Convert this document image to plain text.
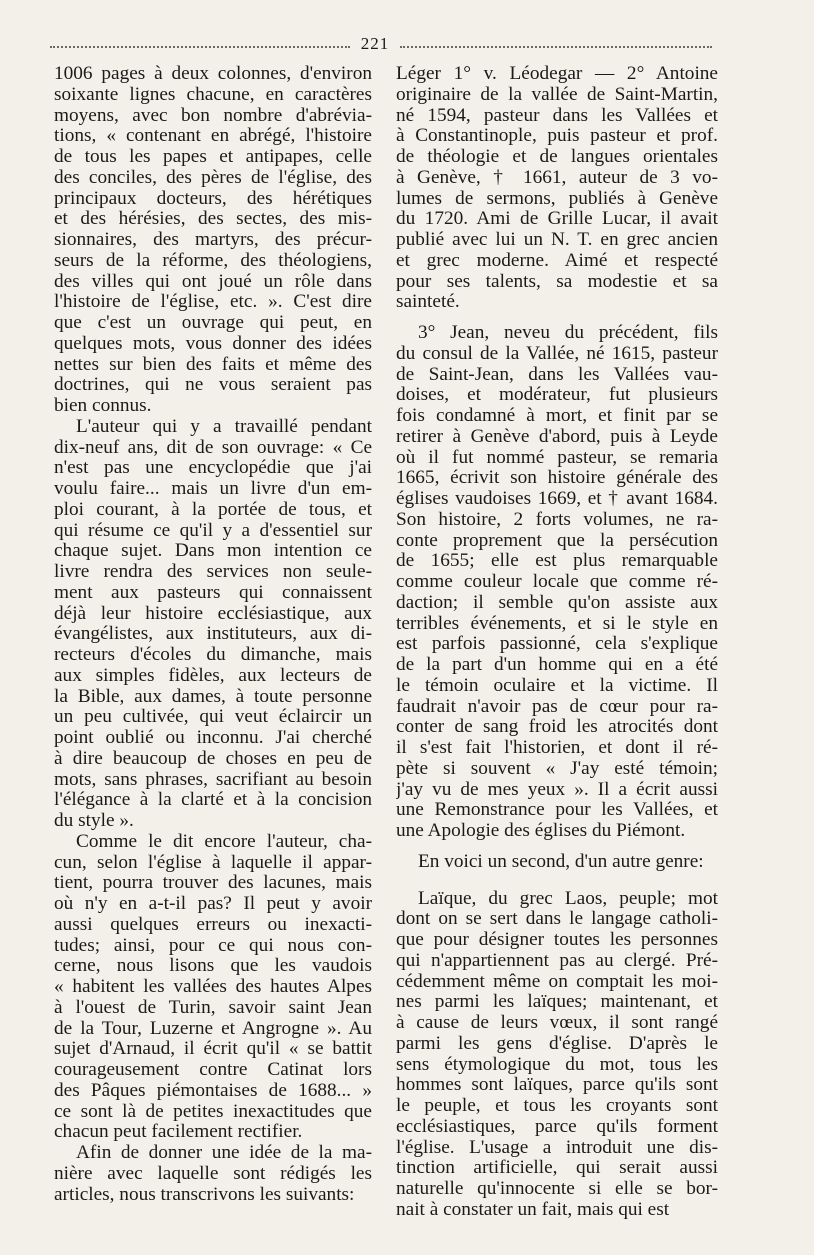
221
1006 pages à deux colonnes, d'environ
soixante lignes chacune, en caractères
moyens, avec bon nombre d'abrévia-
tions, « contenant en abrégé, l'histoire
de tous les papes et antipapes, celle
des conciles, des pères de l'église, des
principaux docteurs, des hérétiques
et des hérésies, des sectes, des mis-
sionnaires, des martyrs, des précur-
seurs de la réforme, des théologiens,
des villes qui ont joué un rôle dans
l'histoire de l'église, etc. ». C'est dire
que c'est un ouvrage qui peut, en
quelques mots, vous donner des idées
nettes sur bien des faits et même des
doctrines, qui ne vous seraient pas
bien connus.
L'auteur qui y a travaillé pendant
dix-neuf ans, dit de son ouvrage: « Ce
n'est pas une encyclopédie que j'ai
voulu faire... mais un livre d'un em-
ploi courant, à la portée de tous, et
qui résume ce qu'il y a d'essentiel sur
chaque sujet. Dans mon intention ce
livre rendra des services non seule-
ment aux pasteurs qui connaissent
déjà leur histoire ecclésiastique, aux
évangélistes, aux instituteurs, aux di-
recteurs d'écoles du dimanche, mais
aux simples fidèles, aux lecteurs de
la Bible, aux dames, à toute personne
un peu cultivée, qui veut éclaircir un
point oublié ou inconnu. J'ai cherché
à dire beaucoup de choses en peu de
mots, sans phrases, sacrifiant au besoin
l'élégance à la clarté et à la concision
du style ».
Comme le dit encore l'auteur, cha-
cun, selon l'église à laquelle il appar-
tient, pourra trouver des lacunes, mais
où n'y en a-t-il pas? Il peut y avoir
aussi quelques erreurs ou inexacti-
tudes; ainsi, pour ce qui nous con-
cerne, nous lisons que les vaudois
« habitent les vallées des hautes Alpes
à l'ouest de Turin, savoir saint Jean
de la Tour, Luzerne et Angrogne ». Au
sujet d'Arnaud, il écrit qu'il « se battit
courageusement contre Catinat lors
des Pâques piémontaises de 1688... »
ce sont là de petites inexactitudes que
chacun peut facilement rectifier.
Afin de donner une idée de la ma-
nière avec laquelle sont rédigés les
articles, nous transcrivons les suivants:
Léger 1° v. Léodegar — 2° Antoine
originaire de la vallée de Saint-Martin,
né 1594, pasteur dans les Vallées et
à Constantinople, puis pasteur et prof.
de théologie et de langues orientales
à Genève, † 1661, auteur de 3 vo-
lumes de sermons, publiés à Genève
du 1720. Ami de Grille Lucar, il avait
publié avec lui un N. T. en grec ancien
et grec moderne. Aimé et respecté
pour ses talents, sa modestie et sa
sainteté.
3° Jean, neveu du précédent, fils
du consul de la Vallée, né 1615, pasteur
de Saint-Jean, dans les Vallées vau-
doises, et modérateur, fut plusieurs
fois condamné à mort, et finit par se
retirer à Genève d'abord, puis à Leyde
où il fut nommé pasteur, se remaria
1665, écrivit son histoire générale des
églises vaudoises 1669, et † avant 1684.
Son histoire, 2 forts volumes, ne ra-
conte proprement que la persécution
de 1655; elle est plus remarquable
comme couleur locale que comme ré-
daction; il semble qu'on assiste aux
terribles événements, et si le style en
est parfois passionné, cela s'explique
de la part d'un homme qui en a été
le témoin oculaire et la victime. Il
faudrait n'avoir pas de cœur pour ra-
conter de sang froid les atrocités dont
il s'est fait l'historien, et dont il ré-
pète si souvent « J'ay esté témoin;
j'ay vu de mes yeux ». Il a écrit aussi
une Remonstrance pour les Vallées, et
une Apologie des églises du Piémont.
En voici un second, d'un autre genre:
Laïque, du grec Laos, peuple; mot
dont on se sert dans le langage catholi-
que pour désigner toutes les personnes
qui n'appartiennent pas au clergé. Pré-
cédemment même on comptait les moi-
nes parmi les laïques; maintenant, et
à cause de leurs vœux, il sont rangé
parmi les gens d'église. D'après le
sens étymologique du mot, tous les
hommes sont laïques, parce qu'ils sont
le peuple, et tous les croyants sont
ecclésiastiques, parce qu'ils forment
l'église. L'usage a introduit une dis-
tinction artificielle, qui serait aussi
naturelle qu'innocente si elle se bor-
nait à constater un fait, mais qui est
